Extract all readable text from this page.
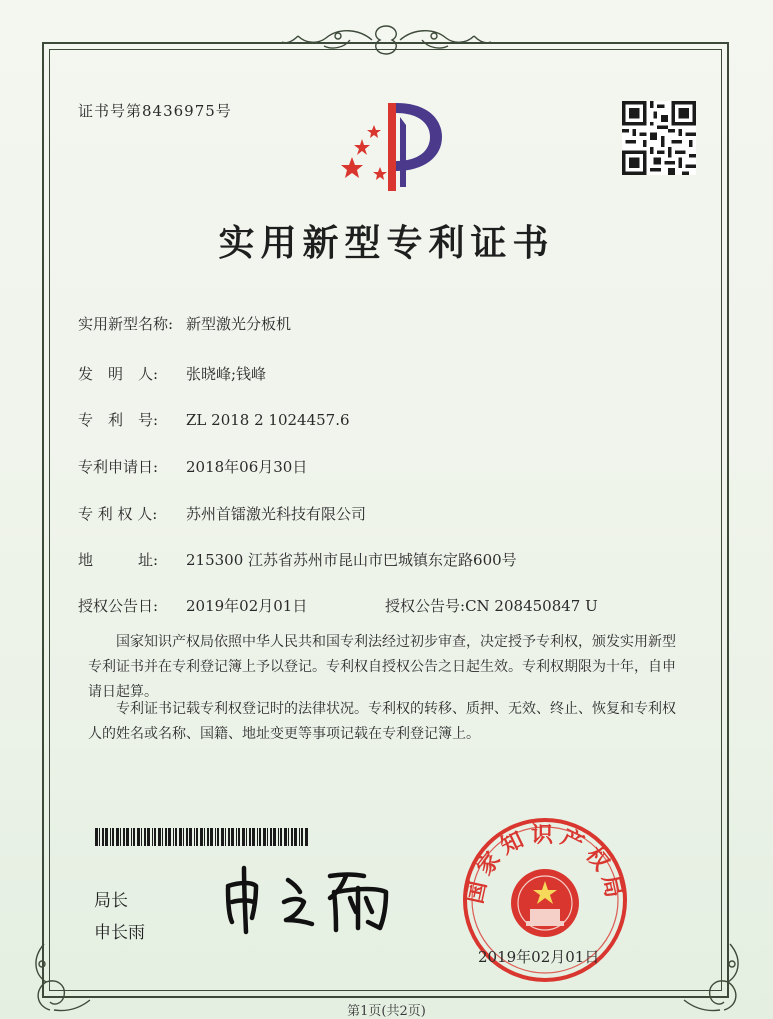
证书号第8436975号
实用新型专利证书
实用新型名称: 新型激光分板机
发　明　人: 张晓峰;钱峰
专　利　号: ZL 2018 2 1024457.6
专利申请日: 2018年06月30日
专 利 权 人: 苏州首镭激光科技有限公司
地　　　址: 215300 江苏省苏州市昆山市巴城镇东定路600号
授权公告日: 2019年02月01日	授权公告号:CN 208450847 U
国家知识产权局依照中华人民共和国专利法经过初步审查，决定授予专利权，颁发实用新型专利证书并在专利登记簿上予以登记。专利权自授权公告之日起生效。专利权期限为十年，自申请日起算。
专利证书记载专利权登记时的法律状况。专利权的转移、质押、无效、终止、恢复和专利权人的姓名或名称、国籍、地址变更等事项记载在专利登记簿上。
局长
申长雨
国家知识产权局
2019年02月01日
第1页(共2页)
